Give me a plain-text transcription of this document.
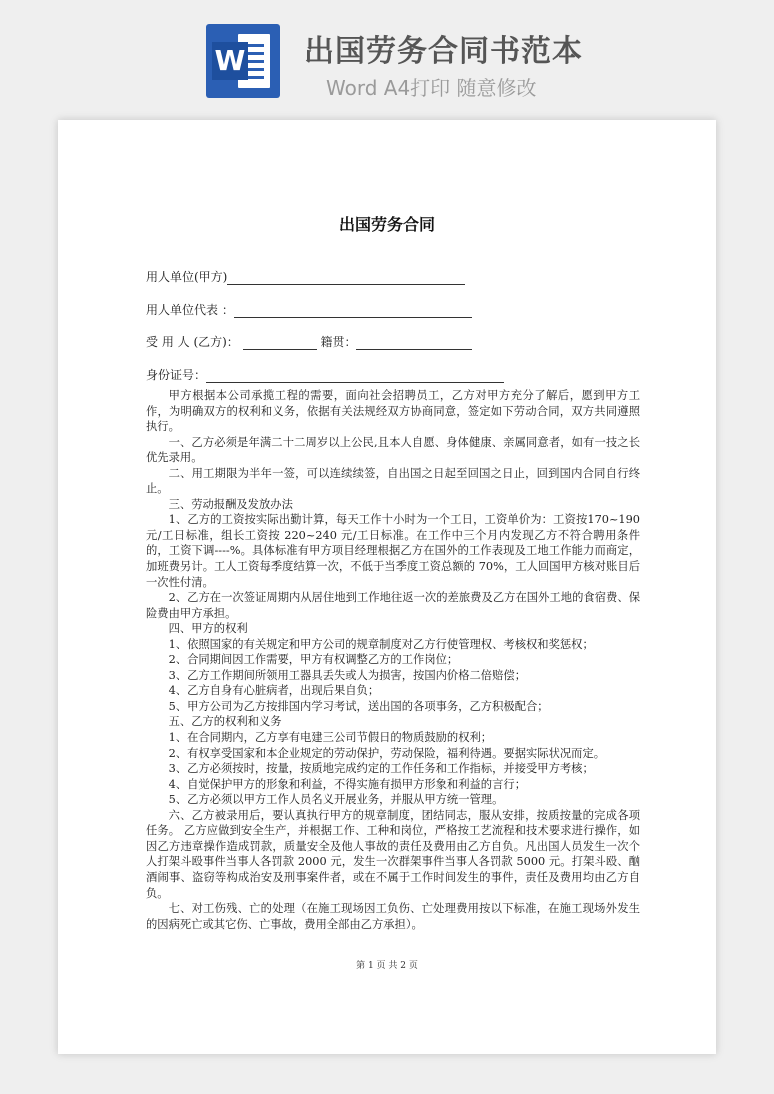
W 出国劳务合同书范本
Word A4打印 随意修改
出国劳务合同
用人单位(甲方)
用人单位代表 ：
受 用 人 (乙方)：	籍贯：
身份证号：

甲方根据本公司承揽工程的需要，面向社会招聘员工，乙方对甲方充分了解后，愿到甲方工作，为明确双方的权利和义务，依据有关法规经双方协商同意，签定如下劳动合同，双方共同遵照执行。

一、乙方必须是年满二十二周岁以上公民,且本人自愿、身体健康、亲属同意者，如有一技之长优先录用。

二、用工期限为半年一签，可以连续续签，自出国之日起至回国之日止，回到国内合同自行终止。

三、劳动报酬及发放办法

1、乙方的工资按实际出勤计算，每天工作十小时为一个工日，工资单价为：工资按170~190 元/工日标准，组长工资按 220~240 元/工日标准。在工作中三个月内发现乙方不符合聘用条件的，工资下调----%。具体标准有甲方项目经理根据乙方在国外的工作表现及工地工作能力而商定，加班费另计。工人工资每季度结算一次，不低于当季度工资总额的 70%，工人回国甲方核对账目后一次性付清。

2、乙方在一次签证周期内从居住地到工作地往返一次的差旅费及乙方在国外工地的食宿费、保险费由甲方承担。

四、甲方的权利

1、依照国家的有关规定和甲方公司的规章制度对乙方行使管理权、考核权和奖惩权；

2、合同期间因工作需要，甲方有权调整乙方的工作岗位；

3、乙方工作期间所领用工器具丢失或人为损害，按国内价格二倍赔偿；

4、乙方自身有心脏病者，出现后果自负；

5、甲方公司为乙方按排国内学习考试，送出国的各项事务，乙方积极配合；

五、乙方的权利和义务

1、在合同期内，乙方享有电建三公司节假日的物质鼓励的权利；

2、有权享受国家和本企业规定的劳动保护，劳动保险，福利待遇。要据实际状况而定。

3、乙方必须按时，按量，按质地完成约定的工作任务和工作指标，并接受甲方考核；

4、自觉保护甲方的形象和利益，不得实施有损甲方形象和利益的言行；

5、乙方必须以甲方工作人员名义开展业务，并服从甲方统一管理。

六、乙方被录用后，要认真执行甲方的规章制度，团结同志，服从安排，按质按量的完成各项任务。 乙方应做到安全生产，并根据工作、工种和岗位，严格按工艺流程和技术要求进行操作，如因乙方违章操作造成罚款，质量安全及他人事故的责任及费用由乙方自负。凡出国人员发生一次个人打架斗殴事件当事人各罚款 2000 元，发生一次群架事件当事人各罚款 5000 元。打架斗殴、酗酒闹事、盗窃等构成治安及刑事案件者，或在不属于工作时间发生的事件，责任及费用均由乙方自负。

七、对工伤残、亡的处理（在施工现场因工负伤、亡处理费用按以下标准，在施工现场外发生的因病死亡或其它伤、亡事故，费用全部由乙方承担）。

第 1 页 共 2 页
